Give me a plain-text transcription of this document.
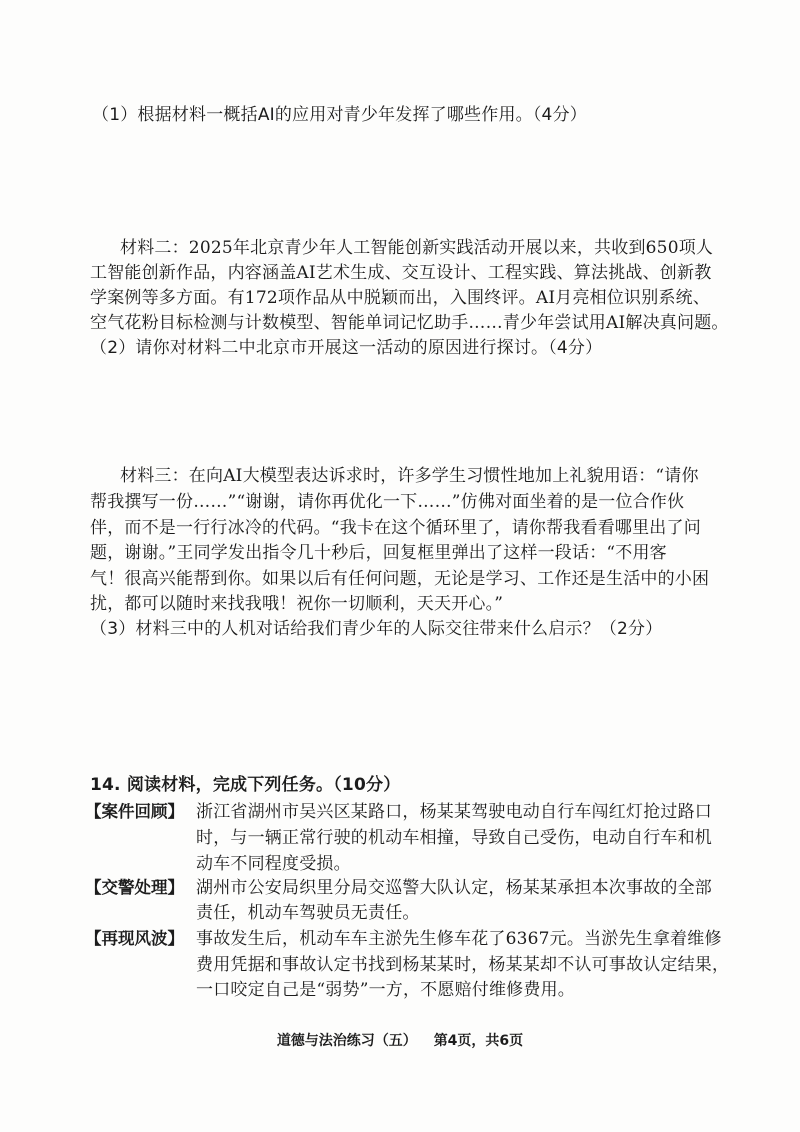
（1）根据材料一概括AI的应用对青少年发挥了哪些作用。（4分）
材料二：2025年北京青少年人工智能创新实践活动开展以来，共收到650项人
工智能创新作品，内容涵盖AI艺术生成、交互设计、工程实践、算法挑战、创新教
学案例等多方面。有172项作品从中脱颖而出，入围终评。AI月亮相位识别系统、
空气花粉目标检测与计数模型、智能单词记忆助手……青少年尝试用AI解决真问题。
（2）请你对材料二中北京市开展这一活动的原因进行探讨。（4分）
材料三：在向AI大模型表达诉求时，许多学生习惯性地加上礼貌用语：“请你
帮我撰写一份……”“谢谢，请你再优化一下……”仿佛对面坐着的是一位合作伙
伴，而不是一行行冰冷的代码。“我卡在这个循环里了，请你帮我看看哪里出了问
题，谢谢。”王同学发出指令几十秒后，回复框里弹出了这样一段话：“不用客
气！很高兴能帮到你。如果以后有任何问题，无论是学习、工作还是生活中的小困
扰，都可以随时来找我哦！祝你一切顺利，天天开心。”
（3）材料三中的人机对话给我们青少年的人际交往带来什么启示？（2分）
14. 阅读材料，完成下列任务。（10分）
【案件回顾】 浙江省湖州市吴兴区某路口，杨某某驾驶电动自行车闯红灯抢过路口
时，与一辆正常行驶的机动车相撞，导致自己受伤，电动自行车和机
动车不同程度受损。
【交警处理】 湖州市公安局织里分局交巡警大队认定，杨某某承担本次事故的全部
责任，机动车驾驶员无责任。
【再现风波】 事故发生后，机动车车主淤先生修车花了6367元。当淤先生拿着维修
费用凭据和事故认定书找到杨某某时，杨某某却不认可事故认定结果，
一口咬定自己是“弱势”一方，不愿赔付维修费用。
道德与法治练习（五） 第4页，共6页
